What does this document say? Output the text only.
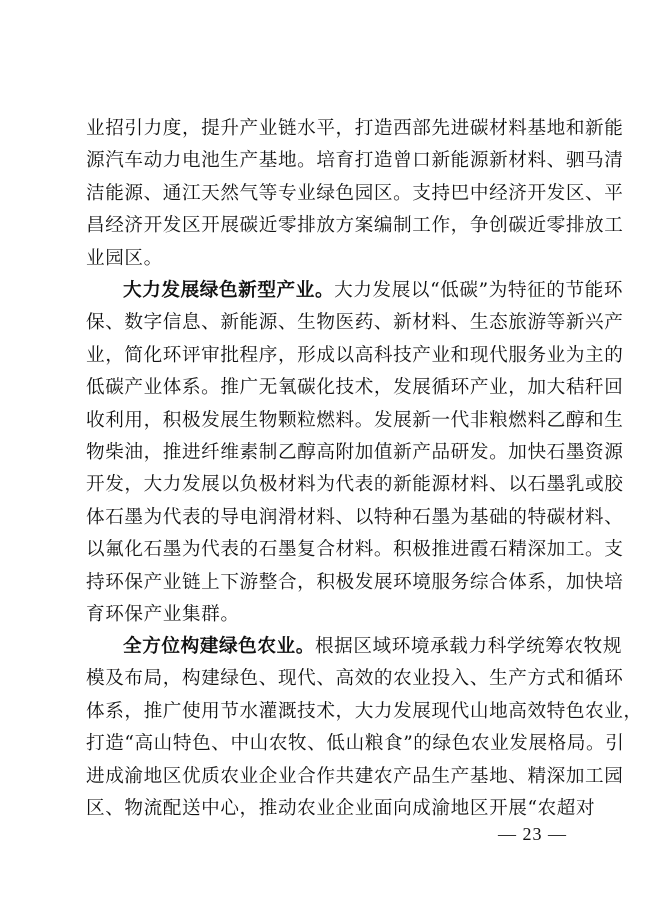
业招引力度，提升产业链水平，打造西部先进碳材料基地和新能
源汽车动力电池生产基地。培育打造曾口新能源新材料、驷马清
洁能源、通江天然气等专业绿色园区。支持巴中经济开发区、平
昌经济开发区开展碳近零排放方案编制工作，争创碳近零排放工
业园区。
大力发展绿色新型产业。大力发展以“低碳”为特征的节能环
保、数字信息、新能源、生物医药、新材料、生态旅游等新兴产
业，简化环评审批程序，形成以高科技产业和现代服务业为主的
低碳产业体系。推广无氧碳化技术，发展循环产业，加大秸秆回
收利用，积极发展生物颗粒燃料。发展新一代非粮燃料乙醇和生
物柴油，推进纤维素制乙醇高附加值新产品研发。加快石墨资源
开发，大力发展以负极材料为代表的新能源材料、以石墨乳或胶
体石墨为代表的导电润滑材料、以特种石墨为基础的特碳材料、
以氟化石墨为代表的石墨复合材料。积极推进霞石精深加工。支
持环保产业链上下游整合，积极发展环境服务综合体系，加快培
育环保产业集群。
全方位构建绿色农业。根据区域环境承载力科学统筹农牧规
模及布局，构建绿色、现代、高效的农业投入、生产方式和循环
体系，推广使用节水灌溉技术，大力发展现代山地高效特色农业，
打造“高山特色、中山农牧、低山粮食”的绿色农业发展格局。引
进成渝地区优质农业企业合作共建农产品生产基地、精深加工园
区、物流配送中心，推动农业企业面向成渝地区开展“农超对
— 23 —
